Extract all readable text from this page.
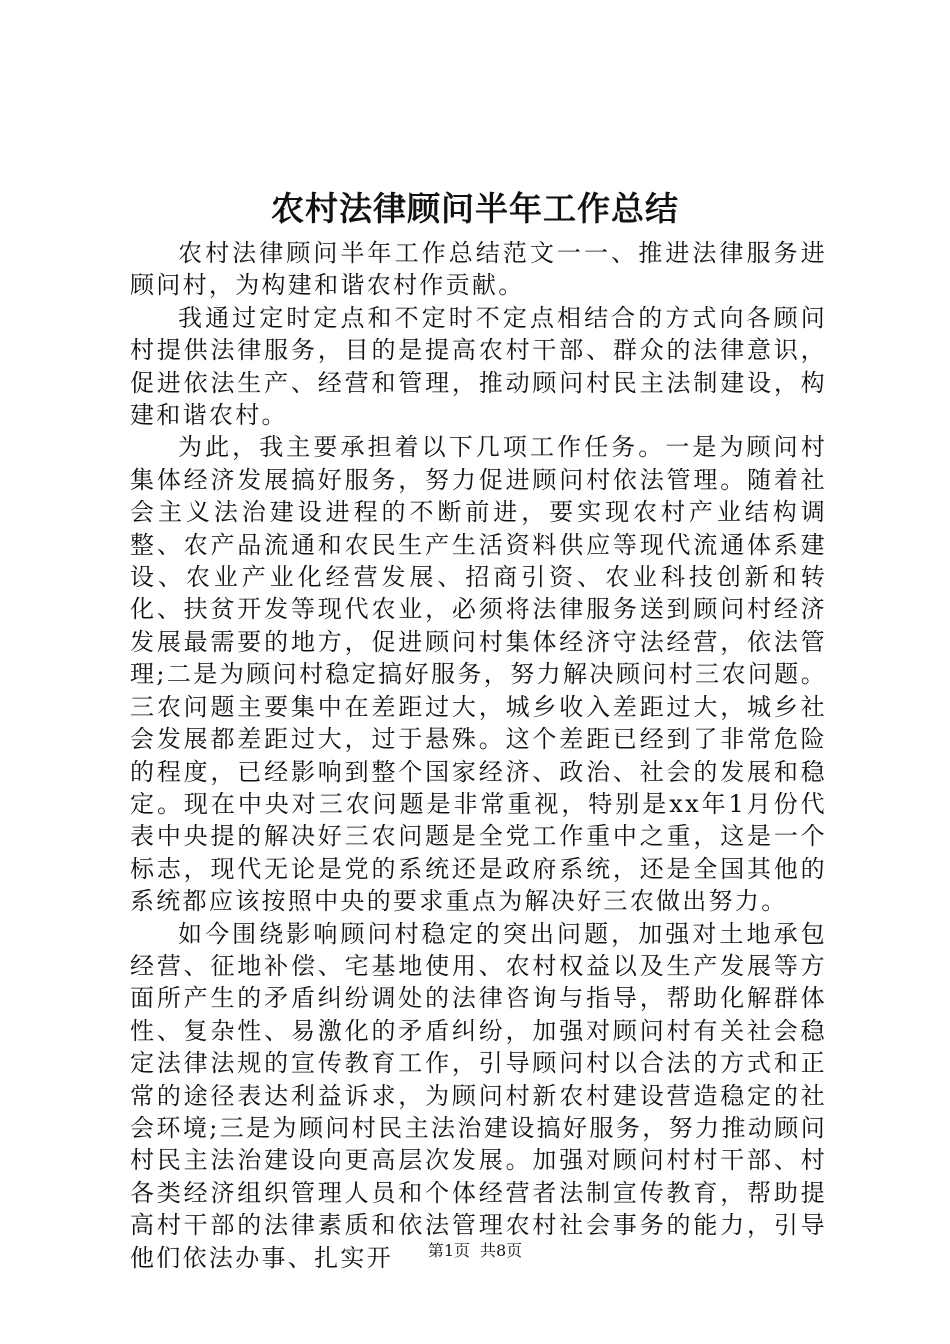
农村法律顾问半年工作总结

农村法律顾问半年工作总结范文一一、推进法律服务进顾问村，为构建和谐农村作贡献。

我通过定时定点和不定时不定点相结合的方式向各顾问村提供法律服务，目的是提高农村干部、群众的法律意识，促进依法生产、经营和管理，推动顾问村民主法制建设，构建和谐农村。

为此，我主要承担着以下几项工作任务。一是为顾问村集体经济发展搞好服务，努力促进顾问村依法管理。随着社会主义法治建设进程的不断前进，要实现农村产业结构调整、农产品流通和农民生产生活资料供应等现代流通体系建设、农业产业化经营发展、招商引资、农业科技创新和转化、扶贫开发等现代农业，必须将法律服务送到顾问村经济发展最需要的地方，促进顾问村集体经济守法经营，依法管理;二是为顾问村稳定搞好服务，努力解决顾问村三农问题。三农问题主要集中在差距过大，城乡收入差距过大，城乡社会发展都差距过大，过于悬殊。这个差距已经到了非常危险的程度，已经影响到整个国家经济、政治、社会的发展和稳定。现在中央对三农问题是非常重视，特别是xx年1月份代表中央提的解决好三农问题是全党工作重中之重，这是一个标志，现代无论是党的系统还是政府系统，还是全国其他的系统都应该按照中央的要求重点为解决好三农做出努力。

如今围绕影响顾问村稳定的突出问题，加强对土地承包经营、征地补偿、宅基地使用、农村权益以及生产发展等方面所产生的矛盾纠纷调处的法律咨询与指导，帮助化解群体性、复杂性、易激化的矛盾纠纷，加强对顾问村有关社会稳定法律法规的宣传教育工作，引导顾问村以合法的方式和正常的途径表达利益诉求，为顾问村新农村建设营造稳定的社会环境;三是为顾问村民主法治建设搞好服务，努力推动顾问村民主法治建设向更高层次发展。加强对顾问村村干部、村各类经济组织管理人员和个体经营者法制宣传教育，帮助提高村干部的法律素质和依法管理农村社会事务的能力，引导他们依法办事、扎实开	第1页 共8页
